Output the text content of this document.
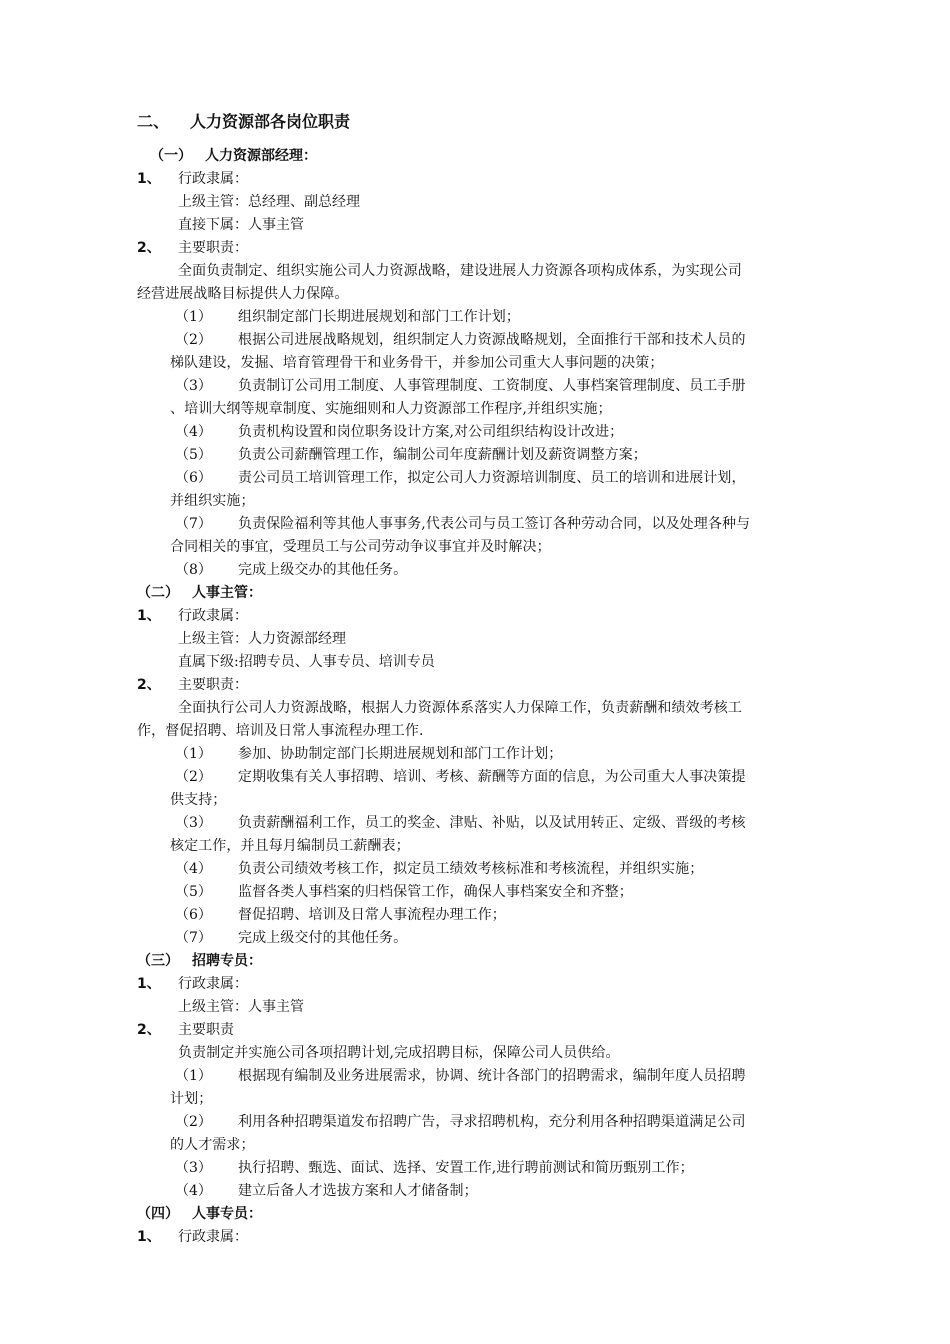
二、 人力资源部各岗位职责
（一） 人力资源部经理：
1、 行政隶属：
上级主管：总经理、副总经理
直接下属：人事主管
2、 主要职责：
全面负责制定、组织实施公司人力资源战略，建设进展人力资源各项构成体系，为实现公司
经营进展战略目标提供人力保障。
（1） 组织制定部门长期进展规划和部门工作计划；
（2） 根据公司进展战略规划，组织制定人力资源战略规划，全面推行干部和技术人员的
梯队建设，发掘、培育管理骨干和业务骨干，并参加公司重大人事问题的决策；
（3） 负责制订公司用工制度、人事管理制度、工资制度、人事档案管理制度、员工手册
、培训大纲等规章制度、实施细则和人力资源部工作程序,并组织实施；
（4） 负责机构设置和岗位职务设计方案,对公司组织结构设计改进；
（5） 负责公司薪酬管理工作，编制公司年度薪酬计划及薪资调整方案；
（6） 责公司员工培训管理工作，拟定公司人力资源培训制度、员工的培训和进展计划，
并组织实施；
（7） 负责保险福利等其他人事事务,代表公司与员工签订各种劳动合同，以及处理各种与
合同相关的事宜，受理员工与公司劳动争议事宜并及时解决；
（8） 完成上级交办的其他任务。
（二） 人事主管：
1、 行政隶属：
上级主管：人力资源部经理
直属下级:招聘专员、人事专员、培训专员
2、 主要职责：
全面执行公司人力资源战略，根据人力资源体系落实人力保障工作，负责薪酬和绩效考核工
作，督促招聘、培训及日常人事流程办理工作.
（1） 参加、协助制定部门长期进展规划和部门工作计划；
（2） 定期收集有关人事招聘、培训、考核、薪酬等方面的信息，为公司重大人事决策提
供支持；
（3） 负责薪酬福利工作，员工的奖金、津贴、补贴，以及试用转正、定级、晋级的考核
核定工作，并且每月编制员工薪酬表；
（4） 负责公司绩效考核工作，拟定员工绩效考核标准和考核流程，并组织实施；
（5） 监督各类人事档案的归档保管工作，确保人事档案安全和齐整；
（6） 督促招聘、培训及日常人事流程办理工作；
（7） 完成上级交付的其他任务。
（三） 招聘专员：
1、 行政隶属：
上级主管：人事主管
2、 主要职责
负责制定并实施公司各项招聘计划,完成招聘目标，保障公司人员供给。
（1） 根据现有编制及业务进展需求，协调、统计各部门的招聘需求，编制年度人员招聘
计划；
（2） 利用各种招聘渠道发布招聘广告，寻求招聘机构，充分利用各种招聘渠道满足公司
的人才需求；
（3） 执行招聘、甄选、面试、选择、安置工作,进行聘前测试和简历甄别工作；
（4） 建立后备人才选拔方案和人才储备制；
（四） 人事专员：
1、 行政隶属：
